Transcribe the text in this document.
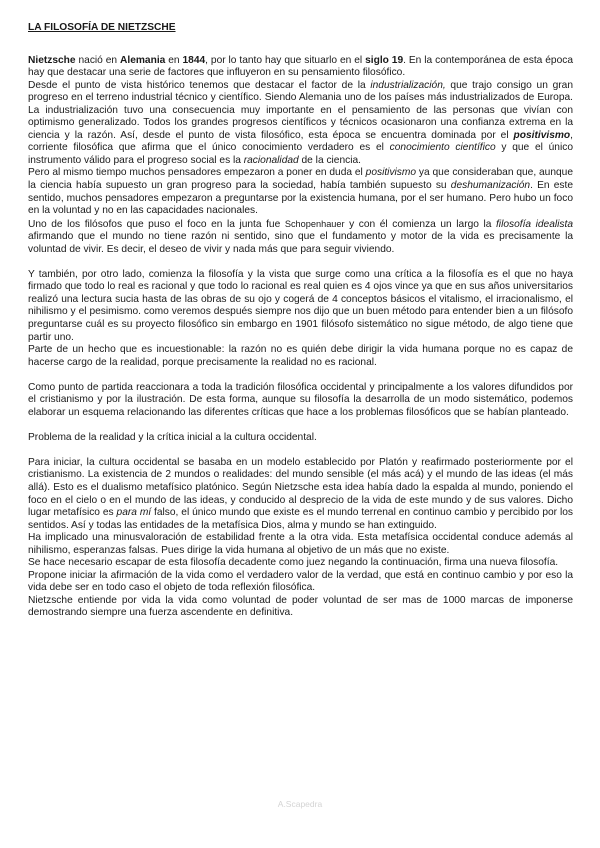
LA FILOSOFÍA DE NIETZSCHE

Nietzsche nació en Alemania en 1844, por lo tanto hay que situarlo en el siglo 19. En la contemporánea de esta época hay que destacar una serie de factores que influyeron en su pensamiento filosófico.

Desde el punto de vista histórico tenemos que destacar el factor de la industrialización, que trajo consigo un gran progreso en el terreno industrial técnico y científico. Siendo Alemania uno de los países más industrializados de Europa. La industrialización tuvo una consecuencia muy importante en el pensamiento de las personas que vivían con optimismo generalizado. Todos los grandes progresos científicos y técnicos ocasionaron una confianza extrema en la ciencia y la razón. Así, desde el punto de vista filosófico, esta época se encuentra dominada por el positivismo, corriente filosófica que afirma que el único conocimiento verdadero es el conocimiento científico y que el único instrumento válido para el progreso social es la racionalidad de la ciencia.

Pero al mismo tiempo muchos pensadores empezaron a poner en duda el positivismo ya que consideraban que, aunque la ciencia había supuesto un gran progreso para la sociedad, había también supuesto su deshumanización. En este sentido, muchos pensadores empezaron a preguntarse por la existencia humana, por el ser humano. Pero hubo un foco en la voluntad y no en las capacidades nacionales.

Uno de los filósofos que puso el foco en la junta fue Schopenhauer y con él comienza un largo la filosofía idealista afirmando que el mundo no tiene razón ni sentido, sino que el fundamento y motor de la vida es precisamente la voluntad de vivir. Es decir, el deseo de vivir y nada más que para seguir viviendo.

Y también, por otro lado, comienza la filosofía y la vista que surge como una crítica a la filosofía es el que no haya firmado que todo lo real es racional y que todo lo racional es real quien es 4 ojos vince ya que en sus años universitarios realizó una lectura sucia hasta de las obras de su ojo y cogerá de 4 conceptos básicos el vitalismo, el irracionalismo, el nihilismo y el pesimismo. como veremos después siempre nos dijo que un buen método para entender bien a un filósofo preguntarse cuál es su proyecto filosófico sin embargo en 1901 filósofo sistemático no sigue método, de algo tiene que partir uno.

Parte de un hecho que es incuestionable: la razón no es quién debe dirigir la vida humana porque no es capaz de hacerse cargo de la realidad, porque precisamente la realidad no es racional.

Como punto de partida reaccionara a toda la tradición filosófica occidental y principalmente a los valores difundidos por el cristianismo y por la ilustración. De esta forma, aunque su filosofía la desarrolla de un modo sistemático, podemos elaborar un esquema relacionando las diferentes críticas que hace a los problemas filosóficos que se habían planteado.

Problema de la realidad y la crítica inicial a la cultura occidental.

Para iniciar, la cultura occidental se basaba en un modelo establecido por Platón y reafirmado posteriormente por el cristianismo. La existencia de 2 mundos o realidades: del mundo sensible (el más acá) y el mundo de las ideas (el más allá). Esto es el dualismo metafísico platónico. Según Nietzsche esta idea había dado la espalda al mundo, poniendo el foco en el cielo o en el mundo de las ideas, y conducido al desprecio de la vida de este mundo y de sus valores. Dicho lugar metafísico es para mí falso, el único mundo que existe es el mundo terrenal en continuo cambio y percibido por los sentidos. Así y todas las entidades de la metafísica Dios, alma y mundo se han extinguido.

Ha implicado una minusvaloración de estabilidad frente a la otra vida. Esta metafísica occidental conduce además al nihilismo, esperanzas falsas. Pues dirige la vida humana al objetivo de un más que no existe.

Se hace necesario escapar de esta filosofía decadente como juez negando la continuación, firma una nueva filosofía.

Propone iniciar la afirmación de la vida como el verdadero valor de la verdad, que está en continuo cambio y por eso la vida debe ser en todo caso el objeto de toda reflexión filosófica.

Nietzsche entiende por vida la vida como voluntad de poder voluntad de ser mas de 1000 marcas de imponerse demostrando siempre una fuerza ascendente en definitiva.

A.Scapedra
